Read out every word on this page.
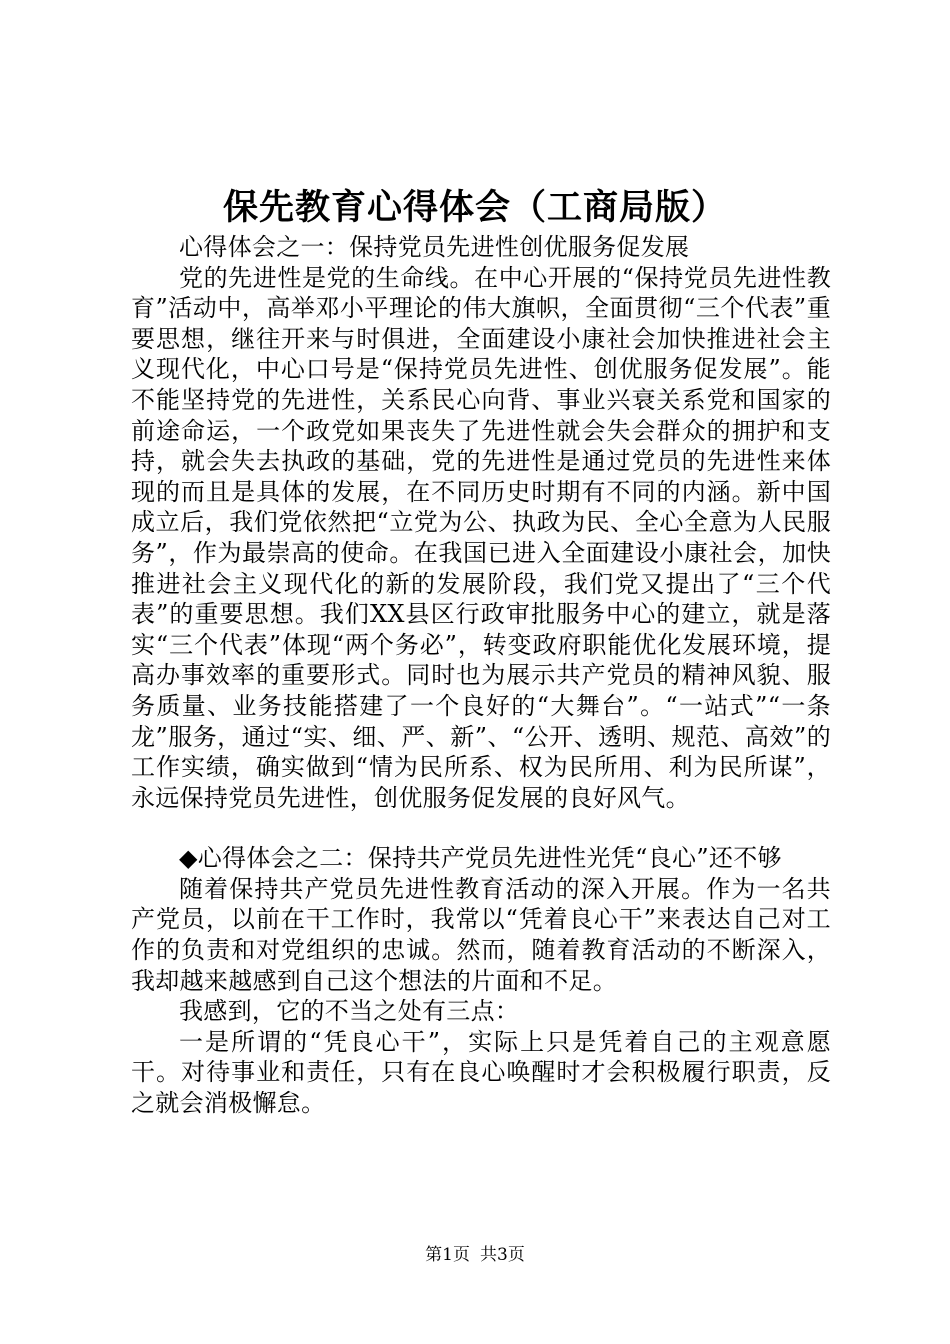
保先教育心得体会（工商局版）

心得体会之一：保持党员先进性创优服务促发展

党的先进性是党的生命线。在中心开展的“保持党员先进性教育”活动中，高举邓小平理论的伟大旗帜，全面贯彻“三个代表”重要思想，继往开来与时俱进，全面建设小康社会加快推进社会主义现代化，中心口号是“保持党员先进性、创优服务促发展”。能不能坚持党的先进性，关系民心向背、事业兴衰关系党和国家的前途命运，一个政党如果丧失了先进性就会失会群众的拥护和支持，就会失去执政的基础，党的先进性是通过党员的先进性来体现的而且是具体的发展，在不同历史时期有不同的内涵。新中国成立后，我们党依然把“立党为公、执政为民、全心全意为人民服务”，作为最崇高的使命。在我国已进入全面建设小康社会，加快推进社会主义现代化的新的发展阶段，我们党又提出了“三个代表”的重要思想。我们XX县区行政审批服务中心的建立，就是落实“三个代表”体现“两个务必”，转变政府职能优化发展环境，提高办事效率的重要形式。同时也为展示共产党员的精神风貌、服务质量、业务技能搭建了一个良好的“大舞台”。“一站式”“一条龙”服务，通过“实、细、严、新”、“公开、透明、规范、高效”的工作实绩，确实做到“情为民所系、权为民所用、利为民所谋”，永远保持党员先进性，创优服务促发展的良好风气。

◆心得体会之二：保持共产党员先进性光凭“良心”还不够

随着保持共产党员先进性教育活动的深入开展。作为一名共产党员，以前在干工作时，我常以“凭着良心干”来表达自己对工作的负责和对党组织的忠诚。然而，随着教育活动的不断深入，我却越来越感到自己这个想法的片面和不足。

我感到，它的不当之处有三点：

一是所谓的“凭良心干”，实际上只是凭着自己的主观意愿干。对待事业和责任，只有在良心唤醒时才会积极履行职责，反之就会消极懈怠。

第1页 共3页
